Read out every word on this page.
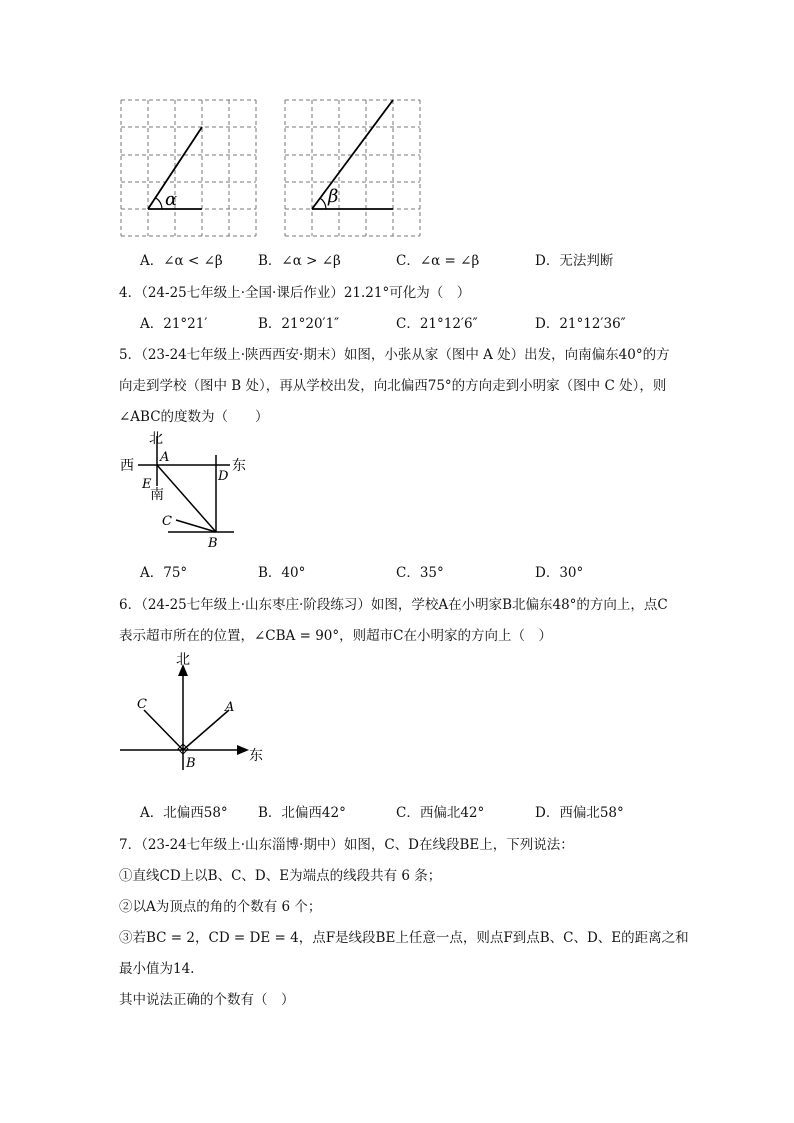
α	β
A．∠α < ∠β	B．∠α > ∠β	C．∠α = ∠β	D．无法判断
4．（24-25七年级上·全国·课后作业）21.21°可化为（　）
A．21°21′	B．21°20′1″	C．21°12′6″	D．21°12′36″
5．（23-24七年级上·陕西西安·期末）如图，小张从家（图中 A 处）出发，向南偏东40°的方
向走到学校（图中 B 处），再从学校出发，向北偏西75°的方向走到小明家（图中 C 处），则
∠ABC的度数为（　　）
北
西	东
南
A
D
E
C
B
A．75°	B．40°	C．35°	D．30°
6．（24-25七年级上·山东枣庄·阶段练习）如图，学校A在小明家B北偏东48°的方向上，点C
表示超市所在的位置，∠CBA = 90°，则超市C在小明家的方向上（　）
北
东
A
C
B
A．北偏西58° B．北偏西42°	C．西偏北42°	D．西偏北58°
7．（23-24七年级上·山东淄博·期中）如图，C、D在线段BE上，下列说法：
①直线CD上以B、C、D、E为端点的线段共有 6 条；
②以A为顶点的角的个数有 6 个；
③若BC = 2，CD = DE = 4，点F是线段BE上任意一点，则点F到点B、C、D、E的距离之和
最小值为14.
其中说法正确的个数有（　）
